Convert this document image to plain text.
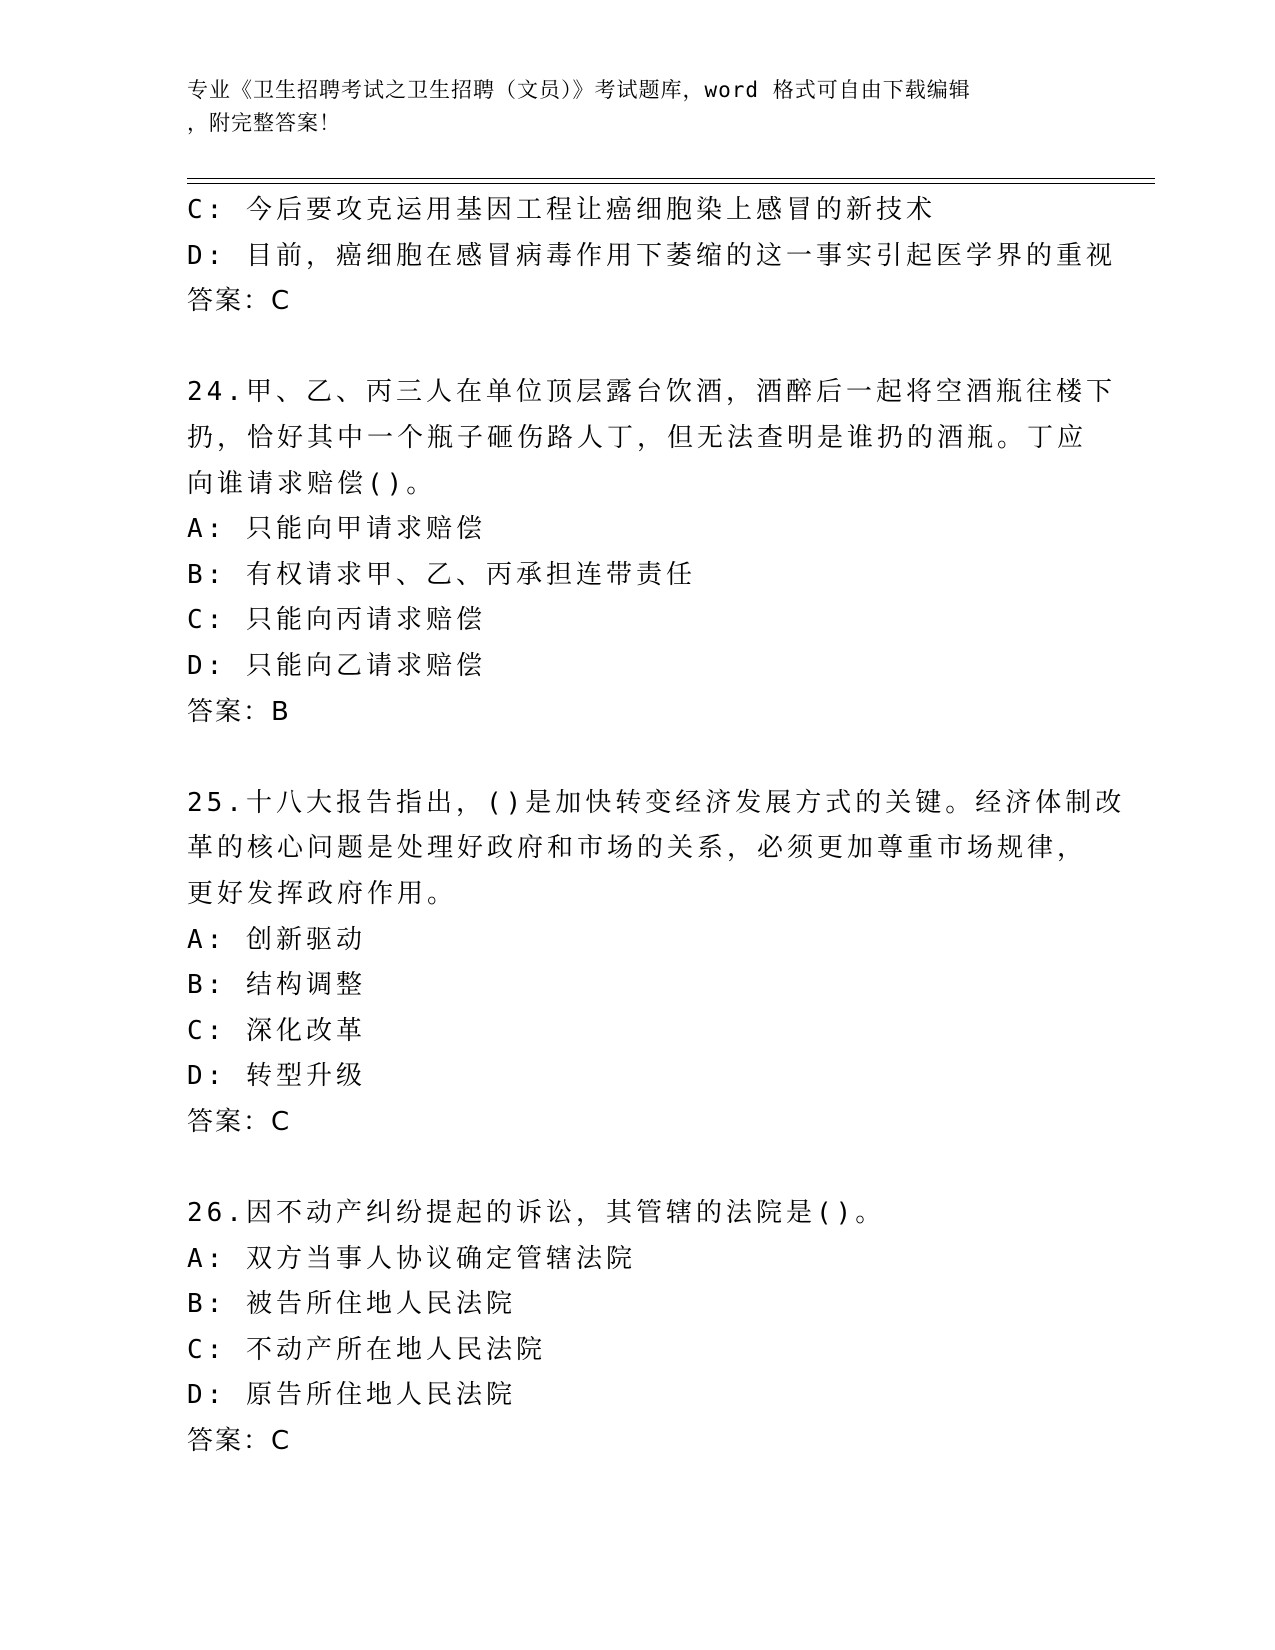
专业《卫生招聘考试之卫生招聘（文员）》考试题库，word 格式可自由下载编辑
，附完整答案！
C: 今后要攻克运用基因工程让癌细胞染上感冒的新技术
D: 目前，癌细胞在感冒病毒作用下萎缩的这一事实引起医学界的重视
答案：C
24.甲、乙、丙三人在单位顶层露台饮酒，酒醉后一起将空酒瓶往楼下
扔，恰好其中一个瓶子砸伤路人丁，但无法查明是谁扔的酒瓶。丁应
向谁请求赔偿()。
A: 只能向甲请求赔偿
B: 有权请求甲、乙、丙承担连带责任
C: 只能向丙请求赔偿
D: 只能向乙请求赔偿
答案：B
25.十八大报告指出，()是加快转变经济发展方式的关键。经济体制改
革的核心问题是处理好政府和市场的关系，必须更加尊重市场规律，
更好发挥政府作用。
A: 创新驱动
B: 结构调整
C: 深化改革
D: 转型升级
答案：C
26.因不动产纠纷提起的诉讼，其管辖的法院是()。
A: 双方当事人协议确定管辖法院
B: 被告所住地人民法院
C: 不动产所在地人民法院
D: 原告所住地人民法院
答案：C
